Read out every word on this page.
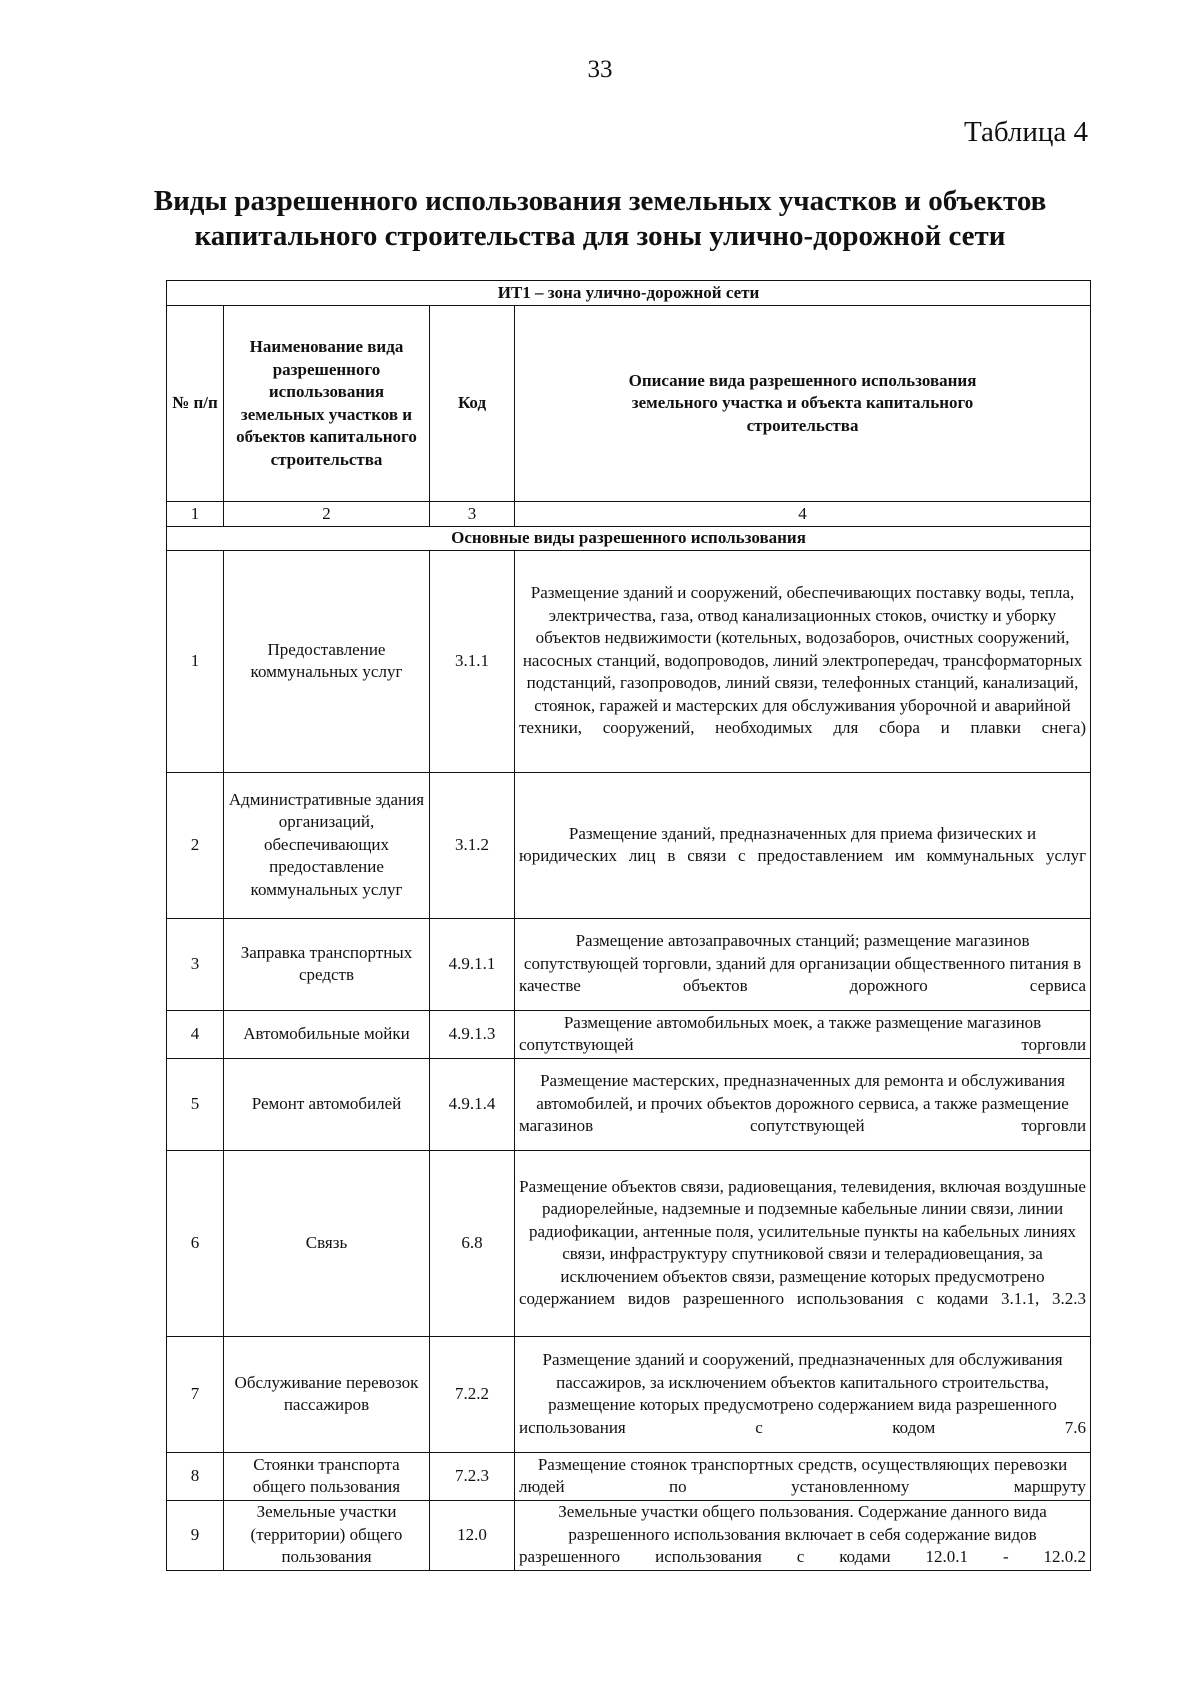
33
Таблица 4
Виды разрешенного использования земельных участков и объектов
капитального строительства для зоны улично-дорожной сети
ИТ1 – зона улично-дорожной сети			
№ п/п	Наименование вида разрешенного использования земельных участков и объектов капитального строительства	Код	Описание вида разрешенного использования земельного участка и объекта капитального строительства
1	2	3	4
Основные виды разрешенного использования			
1	Предоставление коммунальных услуг	3.1.1	Размещение зданий и сооружений, обеспечивающих поставку воды, тепла, электричества, газа, отвод канализационных стоков, очистку и уборку объектов недвижимости (котельных, водозаборов, очистных сооружений, насосных станций, водопроводов, линий электропередач, трансформаторных подстанций, газопроводов, линий связи, телефонных станций, канализаций, стоянок, гаражей и мастерских для обслуживания уборочной и аварийной техники, сооружений, необходимых для сбора и плавки снега)
2	Административные здания организаций, обеспечивающих предоставление коммунальных услуг	3.1.2	Размещение зданий, предназначенных для приема физических и юридических лиц в связи с предоставлением им коммунальных услуг
3	Заправка транспортных средств	4.9.1.1	Размещение автозаправочных станций; размещение магазинов сопутствующей торговли, зданий для организации общественного питания в качестве объектов дорожного сервиса
4	Автомобильные мойки	4.9.1.3	Размещение автомобильных моек, а также размещение магазинов сопутствующей торговли
5	Ремонт автомобилей	4.9.1.4	Размещение мастерских, предназначенных для ремонта и обслуживания автомобилей, и прочих объектов дорожного сервиса, а также размещение магазинов сопутствующей торговли
6	Связь	6.8	Размещение объектов связи, радиовещания, телевидения, включая воздушные радиорелейные, надземные и подземные кабельные линии связи, линии радиофикации, антенные поля, усилительные пункты на кабельных линиях связи, инфраструктуру спутниковой связи и телерадиовещания, за исключением объектов связи, размещение которых предусмотрено содержанием видов разрешенного использования с кодами 3.1.1, 3.2.3
7	Обслуживание перевозок пассажиров	7.2.2	Размещение зданий и сооружений, предназначенных для обслуживания пассажиров, за исключением объектов капитального строительства, размещение которых предусмотрено содержанием вида разрешенного использования с кодом 7.6
8	Стоянки транспорта общего пользования	7.2.3	Размещение стоянок транспортных средств, осуществляющих перевозки людей по установленному маршруту
9	Земельные участки (территории) общего пользования	12.0	Земельные участки общего пользования. Содержание данного вида разрешенного использования включает в себя содержание видов разрешенного использования с кодами 12.0.1 - 12.0.2
